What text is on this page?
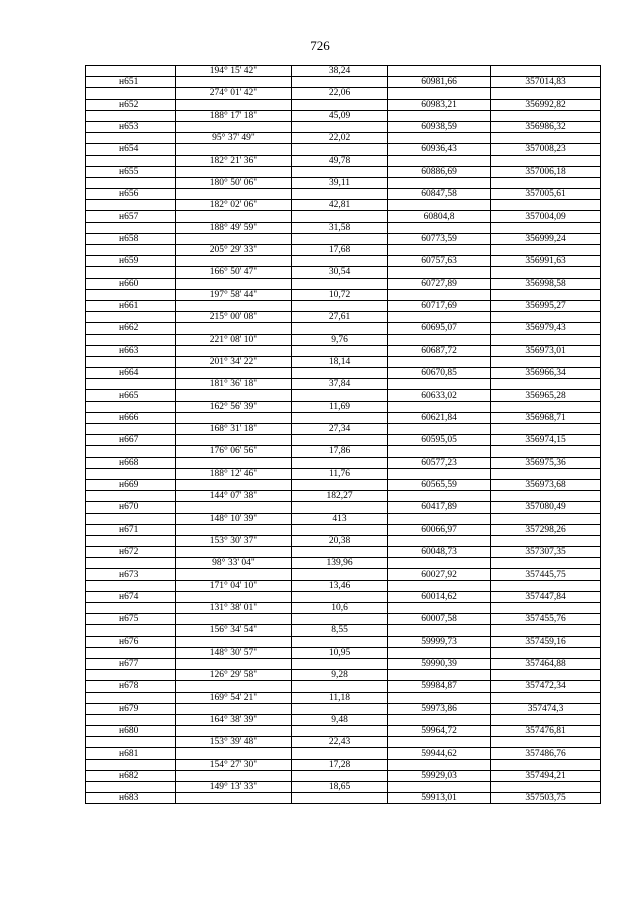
726
	194° 15' 42"	38,24		
н651			60981,66	357014,83
	274° 01' 42"	22,06		
н652			60983,21	356992,82
	188° 17' 18"	45,09		
н653			60938,59	356986,32
	95° 37' 49"	22,02		
н654			60936,43	357008,23
	182° 21' 36"	49,78		
н655			60886,69	357006,18
	180° 50' 06"	39,11		
н656			60847,58	357005,61
	182° 02' 06"	42,81		
н657			60804,8	357004,09
	188° 49' 59"	31,58		
н658			60773,59	356999,24
	205° 29' 33"	17,68		
н659			60757,63	356991,63
	166° 50' 47"	30,54		
н660			60727,89	356998,58
	197° 58' 44"	10,72		
н661			60717,69	356995,27
	215° 00' 08"	27,61		
н662			60695,07	356979,43
	221° 08' 10"	9,76		
н663			60687,72	356973,01
	201° 34' 22"	18,14		
н664			60670,85	356966,34
	181° 36' 18"	37,84		
н665			60633,02	356965,28
	162° 56' 39"	11,69		
н666			60621,84	356968,71
	168° 31' 18"	27,34		
н667			60595,05	356974,15
	176° 06' 56"	17,86		
н668			60577,23	356975,36
	188° 12' 46"	11,76		
н669			60565,59	356973,68
	144° 07' 38"	182,27		
н670			60417,89	357080,49
	148° 10' 39"	413		
н671			60066,97	357298,26
	153° 30' 37"	20,38		
н672			60048,73	357307,35
	98° 33' 04"	139,96		
н673			60027,92	357445,75
	171° 04' 10"	13,46		
н674			60014,62	357447,84
	131° 38' 01"	10,6		
н675			60007,58	357455,76
	156° 34' 54"	8,55		
н676			59999,73	357459,16
	148° 30' 57"	10,95		
н677			59990,39	357464,88
	126° 29' 58"	9,28		
н678			59984,87	357472,34
	169° 54' 21"	11,18		
н679			59973,86	357474,3
	164° 38' 39"	9,48		
н680			59964,72	357476,81
	153° 39' 48"	22,43		
н681			59944,62	357486,76
	154° 27' 30"	17,28		
н682			59929,03	357494,21
	149° 13' 33"	18,65		
н683			59913,01	357503,75
